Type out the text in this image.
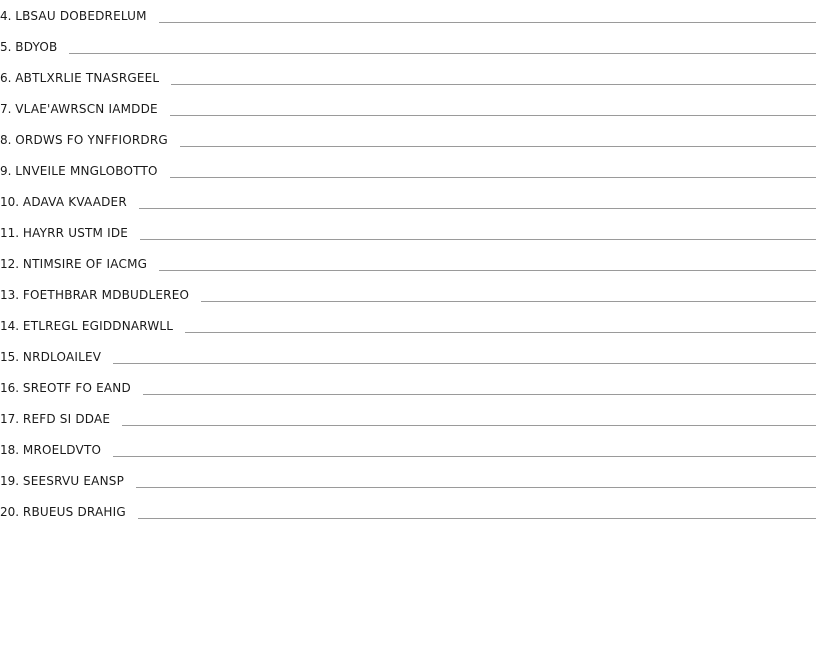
4. LBSAU DOBEDRELUM
5. BDYOB
6. ABTLXRLIE TNASRGEEL
7. VLAE'AWRSCN IAMDDE
8. ORDWS FO YNFFIORDRG
9. LNVEILE MNGLOBOTTO
10. ADAVA KVAADER
11. HAYRR USTM IDE
12. NTIMSIRE OF IACMG
13. FOETHBRAR MDBUDLEREO
14. ETLREGL EGIDDNARWLL
15. NRDLOAILEV
16. SREOTF FO EAND
17. REFD SI DDAE
18. MROELDVTO
19. SEESRVU EANSP
20. RBUEUS DRAHIG
